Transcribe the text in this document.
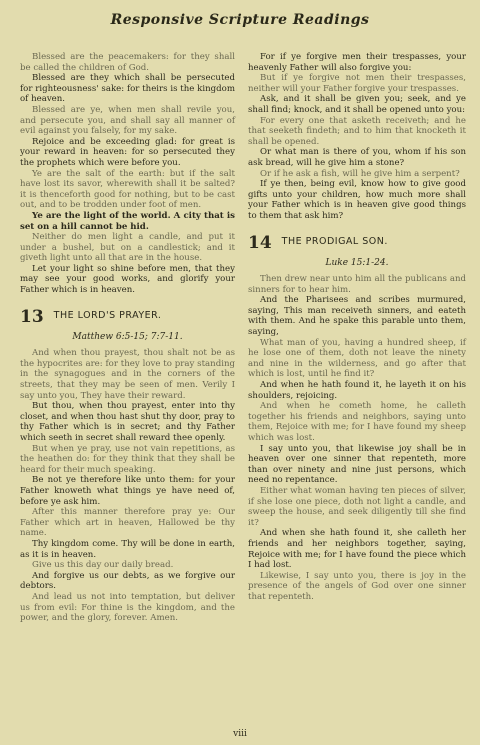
Responsive Scripture Readings

Blessed are the peacemakers: for they shall be called the children of God.

Blessed are they which shall be persecuted for righteousness' sake: for theirs is the kingdom of heaven.

Blessed are ye, when men shall revile you, and persecute you, and shall say all manner of evil against you falsely, for my sake.

Rejoice and be exceeding glad: for great is your reward in heaven: for so persecuted they the prophets which were before you.

Ye are the salt of the earth: but if the salt have lost its savor, wherewith shall it be salted? it is thenceforth good for nothing, but to be cast out, and to be trodden under foot of men.

Ye are the light of the world. A city that is set on a hill cannot be hid.

Neither do men light a candle, and put it under a bushel, but on a candlestick; and it giveth light unto all that are in the house.

Let your light so shine before men, that they may see your good works, and glorify your Father which is in heaven.

13 THE LORD'S PRAYER.
Matthew 6:5-15; 7:7-11.

And when thou prayest, thou shalt not be as the hypocrites are: for they love to pray standing in the synagogues and in the corners of the streets, that they may be seen of men. Verily I say unto you, They have their reward.

But thou, when thou prayest, enter into thy closet, and when thou hast shut thy door, pray to thy Father which is in secret; and thy Father which seeth in secret shall reward thee openly.

But when ye pray, use not vain repetitions, as the heathen do: for they think that they shall be heard for their much speaking.

Be not ye therefore like unto them: for your Father knoweth what things ye have need of, before ye ask him.

After this manner therefore pray ye: Our Father which art in heaven, Hallowed be thy name.

Thy kingdom come. Thy will be done in earth, as it is in heaven.

Give us this day our daily bread.

And forgive us our debts, as we forgive our debtors.

And lead us not into temptation, but deliver us from evil: For thine is the kingdom, and the power, and the glory, forever. Amen.

For if ye forgive men their trespasses, your heavenly Father will also forgive you:

But if ye forgive not men their trespasses, neither will your Father forgive your trespasses.

Ask, and it shall be given you; seek, and ye shall find; knock, and it shall be opened unto you:

For every one that asketh receiveth; and he that seeketh findeth; and to him that knocketh it shall be opened.

Or what man is there of you, whom if his son ask bread, will he give him a stone?

Or if he ask a fish, will he give him a serpent?

If ye then, being evil, know how to give good gifts unto your children, how much more shall your Father which is in heaven give good things to them that ask him?

14 THE PRODIGAL SON.
Luke 15:1-24.

Then drew near unto him all the publicans and sinners for to hear him.

And the Pharisees and scribes murmured, saying, This man receiveth sinners, and eateth with them. And he spake this parable unto them, saying,

What man of you, having a hundred sheep, if he lose one of them, doth not leave the ninety and nine in the wilderness, and go after that which is lost, until he find it?

And when he hath found it, he layeth it on his shoulders, rejoicing.

And when he cometh home, he calleth together his friends and neighbors, saying unto them, Rejoice with me; for I have found my sheep which was lost.

I say unto you, that likewise joy shall be in heaven over one sinner that repenteth, more than over ninety and nine just persons, which need no repentance.

Either what woman having ten pieces of silver, if she lose one piece, doth not light a candle, and sweep the house, and seek diligently till she find it?

And when she hath found it, she calleth her friends and her neighbors together, saying, Rejoice with me; for I have found the piece which I had lost.

Likewise, I say unto you, there is joy in the presence of the angels of God over one sinner that repenteth.

viii
